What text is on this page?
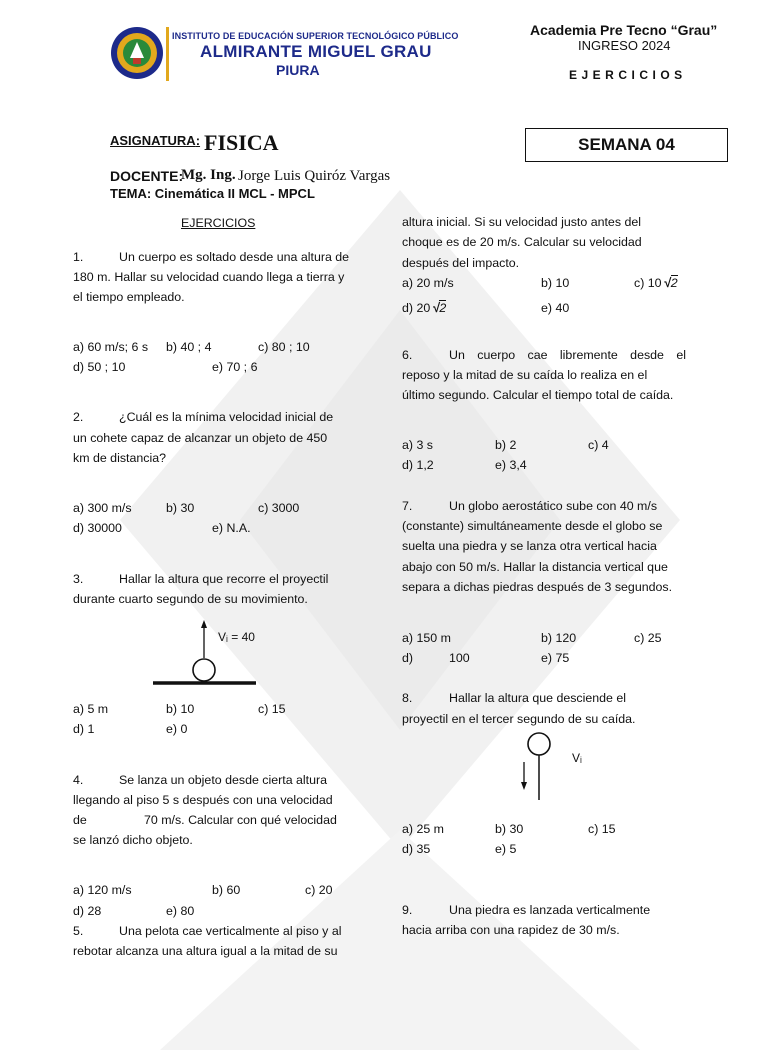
INSTITUTO DE EDUCACIÓN SUPERIOR TECNOLÓGICO PÚBLICO
ALMIRANTE MIGUEL GRAU
PIURA
Academia Pre Tecno “Grau”
INGRESO 2024
EJERCICIOS
ASIGNATURA: FISICA	SEMANA 04
DOCENTE:
Mg. Ing. Jorge Luis Quiróz Vargas
TEMA: Cinemática II MCL - MPCL
EJERCICIOS
1.	Un cuerpo es soltado desde una altura de
180 m. Hallar su velocidad cuando llega a tierra y
el tiempo empleado.
a) 60 m/s; 6 s b) 40 ; 4	c) 80 ; 10
d) 50 ; 10	e) 70 ; 6
2.	¿Cuál es la mínima velocidad inicial de
un cohete capaz de alcanzar un objeto de 450
km de distancia?
a) 300 m/s	b) 30	c) 3000
d) 30000	e) N.A.
3.	Hallar la altura que recorre el proyectil
durante cuarto segundo de su movimiento.
Vᵢ = 40
a) 5 m	b) 10	c) 15
d) 1	e) 0
4.	Se lanza un objeto desde cierta altura
llegando al piso 5 s después con una velocidad
de	70 m/s. Calcular con qué velocidad
se lanzó dicho objeto.
a) 120 m/s	b) 60	c) 20
d) 28	e) 80
5.	Una pelota cae verticalmente al piso y al
rebotar alcanza una altura igual a la mitad de su
altura inicial. Si su velocidad justo antes del
choque es de 20 m/s. Calcular su velocidad
después del impacto.
a) 20 m/s	b) 10	c) 10 √2
d) 20 √2	e) 40
6.	Un cuerpo cae libremente desde el
reposo y la mitad de su caída lo realiza en el
último segundo. Calcular el tiempo total de caída.
a) 3 s	b) 2	c) 4
d) 1,2	e) 3,4
7.	Un globo aerostático sube con 40 m/s
(constante) simultáneamente desde el globo se
suelta una piedra y se lanza otra vertical hacia
abajo con 50 m/s. Hallar la distancia vertical que
separa a dichas piedras después de 3 segundos.
a) 150 m	b) 120	c) 25
d)	100	e) 75
8.	Hallar la altura que desciende el
proyectil en el tercer segundo de su caída.
Vᵢ
a) 25 m	b) 30	c) 15
d) 35	e) 5
9.	Una piedra es lanzada verticalmente
hacia arriba con una rapidez de 30 m/s.
